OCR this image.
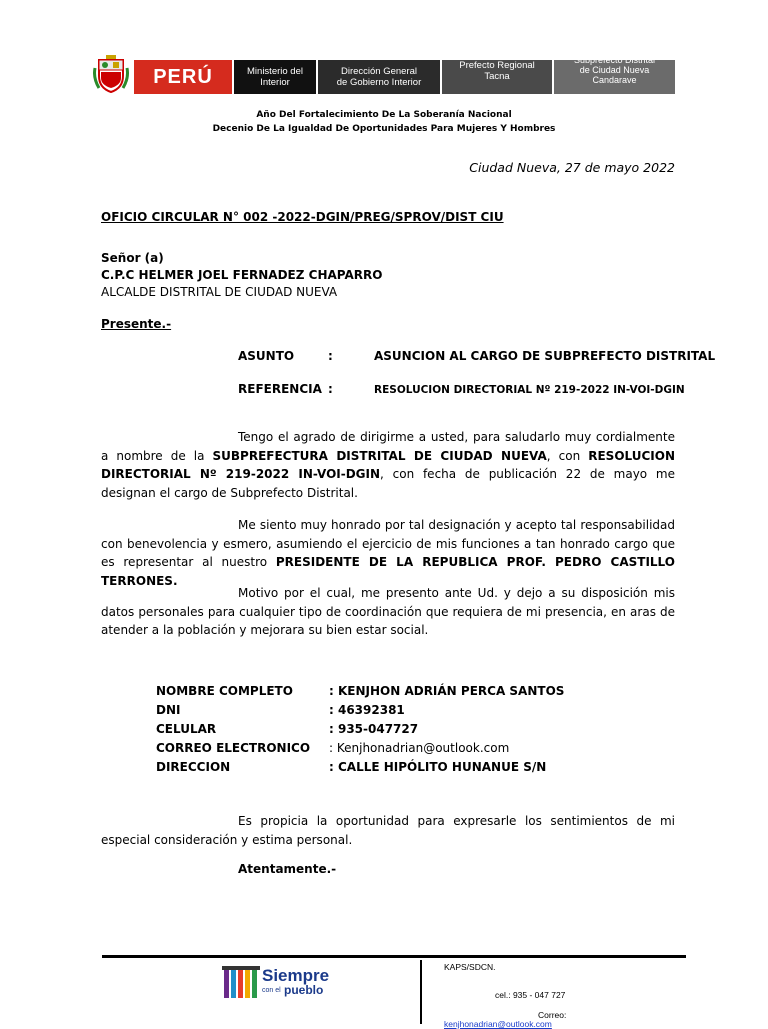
PERÚ	Ministerio del
Interior
Dirección General
de Gobierno Interior
Prefecto Regional
Tacna
Subprefecto Distrital
de Ciudad Nueva
Candarave
Año Del Fortalecimiento De La Soberanía Nacional
Decenio De La Igualdad De Oportunidades Para Mujeres Y Hombres
Ciudad Nueva, 27 de mayo 2022
OFICIO CIRCULAR N° 002 -2022-DGIN/PREG/SPROV/DIST CIU
Señor (a)
C.P.C HELMER JOEL FERNADEZ CHAPARRO
ALCALDE DISTRITAL DE CIUDAD NUEVA
Presente.-
ASUNTO	:	ASUNCION AL CARGO DE SUBPREFECTO DISTRITAL
REFERENCIA :	RESOLUCION DIRECTORIAL Nº 219-2022 IN-VOI-DGIN
Tengo el agrado de dirigirme a usted, para saludarlo muy cordialmente a nombre de la SUBPREFECTURA DISTRITAL DE CIUDAD NUEVA, con RESOLUCION DIRECTORIAL Nº 219-2022 IN-VOI-DGIN, con fecha de publicación 22 de mayo me designan el cargo de Subprefecto Distrital.
Me siento muy honrado por tal designación y acepto tal responsabilidad con benevolencia y esmero, asumiendo el ejercicio de mis funciones a tan honrado cargo que es representar al nuestro PRESIDENTE DE LA REPUBLICA PROF. PEDRO CASTILLO TERRONES.
Motivo por el cual, me presento ante Ud. y dejo a su disposición mis datos personales para cualquier tipo de coordinación que requiera de mi presencia, en aras de atender a la población y mejorara su bien estar social.
NOMBRE COMPLETO	: KENJHON ADRIÁN PERCA SANTOS
DNI	: 46392381
CELULAR	: 935-047727
CORREO ELECTRONICO	: Kenjhonadrian@outlook.com
DIRECCION	: CALLE HIPÓLITO HUNANUE S/N
Es propicia la oportunidad para expresarle los sentimientos de mi especial consideración y estima personal.
Atentamente.-
Siempre
con el pueblo
KAPS/SDCN.
cel.: 935 - 047 727
Correo:
kenjhonadrian@outlook.com
